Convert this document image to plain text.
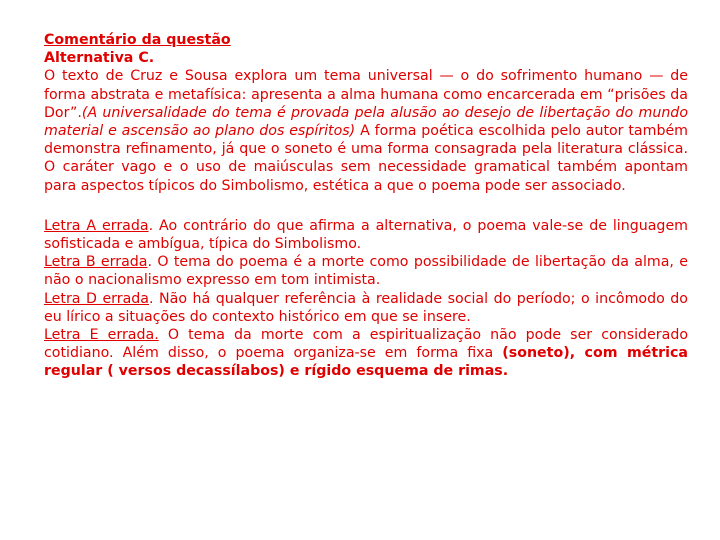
Comentário da questão

Alternativa C.

O texto de Cruz e Sousa explora um tema universal — o do sofrimento humano — de forma abstrata e metafísica: apresenta a alma humana como encarcerada em “prisões da Dor”.(A universalidade do tema é provada pela alusão ao desejo de libertação do mundo material e ascensão ao plano dos espíritos) A forma poética escolhida pelo autor também demonstra refinamento, já que o soneto é uma forma consagrada pela literatura clássica. O caráter vago e o uso de maiúsculas sem necessidade gramatical também apontam para aspectos típicos do Simbolismo, estética a que o poema pode ser associado.

Letra A errada. Ao contrário do que afirma a alternativa, o poema vale-se de linguagem sofisticada e ambígua, típica do Simbolismo.

Letra B errada. O tema do poema é a morte como possibilidade de libertação da alma, e não o nacionalismo expresso em tom intimista.

Letra D errada. Não há qualquer referência à realidade social do período; o incômodo do eu lírico a situações do contexto histórico em que se insere.

Letra E errada. O tema da morte com a espiritualização não pode ser considerado cotidiano. Além disso, o poema organiza-se em forma fixa (soneto), com métrica regular ( versos decassílabos) e rígido esquema de rimas.
